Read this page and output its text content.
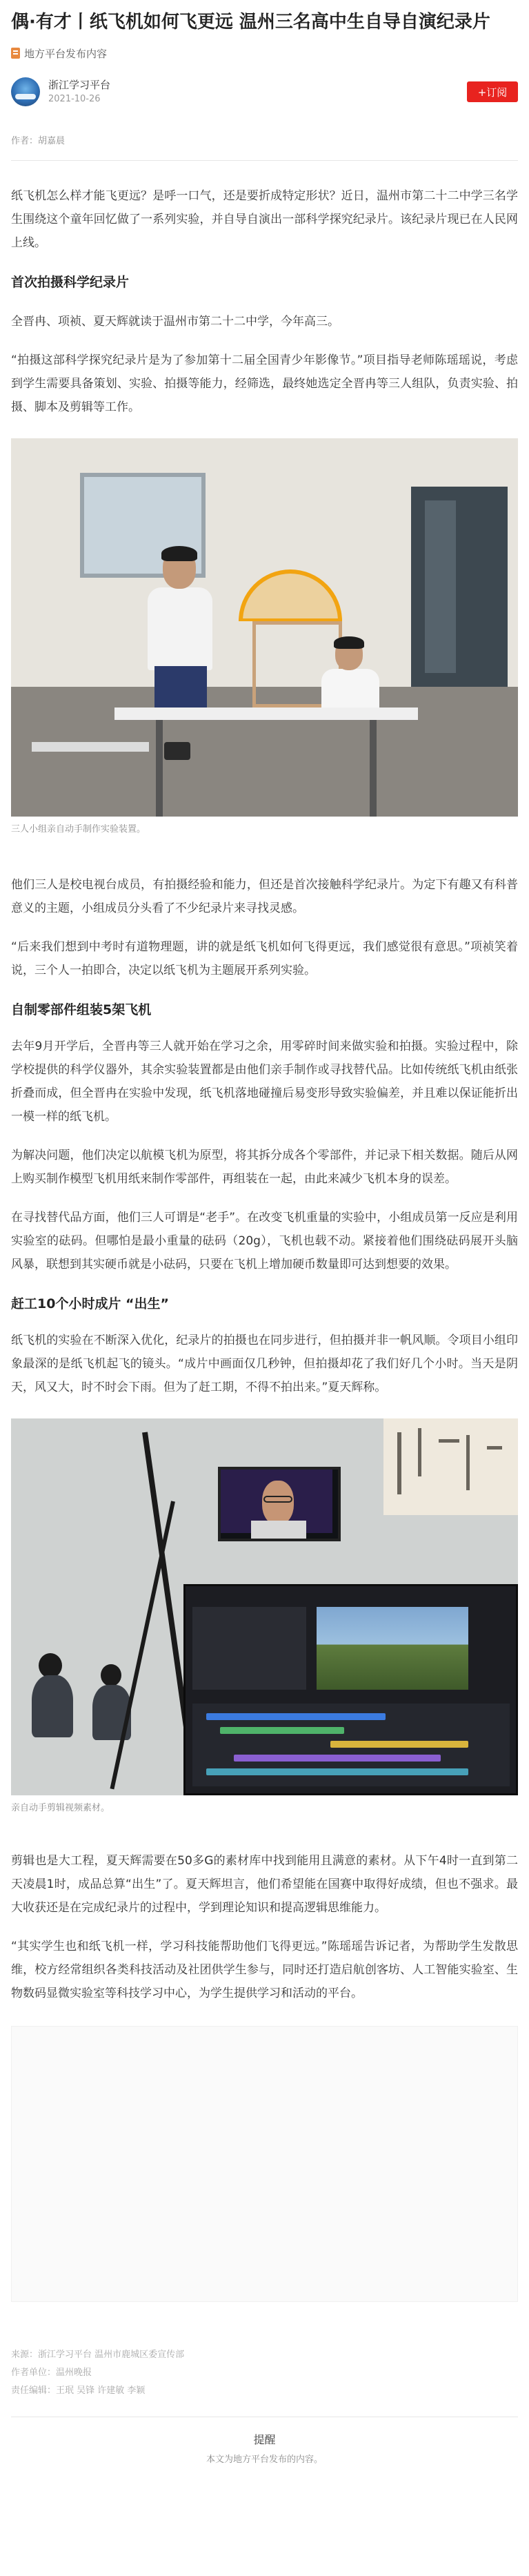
偶·有才丨纸飞机如何飞更远 温州三名高中生自导自演纪录片
地方平台发布内容
浙江学习平台
2021-10-26
+订阅
作者：胡嘉晨

纸飞机怎么样才能飞更远？是呼一口气，还是要折成特定形状？近日，温州市第二十二中学三名学生围绕这个童年回忆做了一系列实验，并自导自演出一部科学探究纪录片。该纪录片现已在人民网上线。

首次拍摄科学纪录片

全晋冉、项祯、夏天辉就读于温州市第二十二中学，今年高三。

“拍摄这部科学探究纪录片是为了参加第十二届全国青少年影像节。”项目指导老师陈瑶瑶说，考虑到学生需要具备策划、实验、拍摄等能力，经筛选，最终她选定全晋冉等三人组队，负责实验、拍摄、脚本及剪辑等工作。

三人小组亲自动手制作实验装置。

他们三人是校电视台成员，有拍摄经验和能力，但还是首次接触科学纪录片。为定下有趣又有科普意义的主题，小组成员分头看了不少纪录片来寻找灵感。

“后来我们想到中考时有道物理题，讲的就是纸飞机如何飞得更远，我们感觉很有意思。”项祯笑着说，三个人一拍即合，决定以纸飞机为主题展开系列实验。

自制零部件组装5架飞机

去年9月开学后，全晋冉等三人就开始在学习之余，用零碎时间来做实验和拍摄。实验过程中，除学校提供的科学仪器外，其余实验装置都是由他们亲手制作或寻找替代品。比如传统纸飞机由纸张折叠而成，但全晋冉在实验中发现，纸飞机落地碰撞后易变形导致实验偏差，并且难以保证能折出一模一样的纸飞机。

为解决问题，他们决定以航模飞机为原型，将其拆分成各个零部件，并记录下相关数据。随后从网上购买制作模型飞机用纸来制作零部件，再组装在一起，由此来减少飞机本身的误差。

在寻找替代品方面，他们三人可谓是“老手”。在改变飞机重量的实验中，小组成员第一反应是利用实验室的砝码。但哪怕是最小重量的砝码（20g），飞机也载不动。紧接着他们围绕砝码展开头脑风暴，联想到其实硬币就是小砝码，只要在飞机上增加硬币数量即可达到想要的效果。

赶工10个小时成片 “出生”

纸飞机的实验在不断深入优化，纪录片的拍摄也在同步进行，但拍摄并非一帆风顺。令项目小组印象最深的是纸飞机起飞的镜头。“成片中画面仅几秒钟，但拍摄却花了我们好几个小时。当天是阴天，风又大，时不时会下雨。但为了赶工期，不得不拍出来。”夏天辉称。

亲自动手剪辑视频素材。

剪辑也是大工程，夏天辉需要在50多G的素材库中找到能用且满意的素材。从下午4时一直到第二天凌晨1时，成品总算“出生”了。夏天辉坦言，他们希望能在国赛中取得好成绩，但也不强求。最大收获还是在完成纪录片的过程中，学到理论知识和提高逻辑思维能力。

“其实学生也和纸飞机一样，学习科技能帮助他们飞得更远。”陈瑶瑶告诉记者，为帮助学生发散思维，校方经常组织各类科技活动及社团供学生参与，同时还打造启航创客坊、人工智能实验室、生物数码显微实验室等科技学习中心，为学生提供学习和活动的平台。

来源：浙江学习平台 温州市鹿城区委宣传部
作者单位：温州晚报
责任编辑：王珉 吴锋 许建敏 李颖
提醒
本文为地方平台发布的内容。
